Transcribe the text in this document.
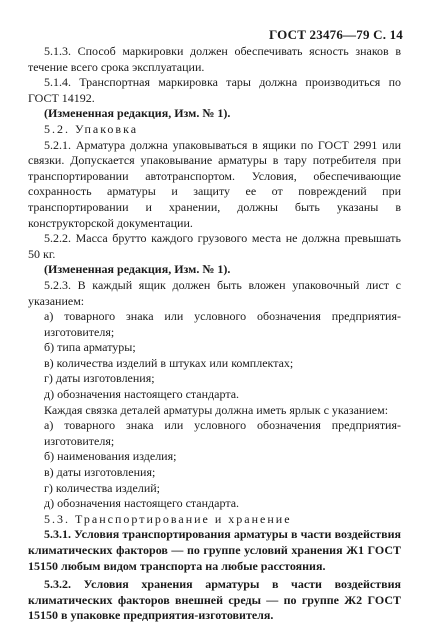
ГОСТ 23476—79 С. 14

5.1.3. Способ маркировки должен обеспечивать ясность знаков в течение всего срока эксплуатации.

5.1.4. Транспортная маркировка тары должна производиться по ГОСТ 14192.

(Измененная редакция, Изм. № 1).

5.2. Упаковка

5.2.1. Арматура должна упаковываться в ящики по ГОСТ 2991 или связки. Допускается упаковывание арматуры в тару потребителя при транспортировании автотранспортом. Условия, обеспечивающие сохранность арматуры и защиту ее от повреждений при транспортировании и хранении, должны быть указаны в конструкторской документации.

5.2.2. Масса брутто каждого грузового места не должна превышать 50 кг.

(Измененная редакция, Изм. № 1).

5.2.3. В каждый ящик должен быть вложен упаковочный лист с указанием:

а) товарного знака или условного обозначения предприятия-изготовителя;

б) типа арматуры;

в) количества изделий в штуках или комплектах;

г) даты изготовления;

д) обозначения настоящего стандарта.

Каждая связка деталей арматуры должна иметь ярлык с указанием:

а) товарного знака или условного обозначения предприятия-изготовителя;

б) наименования изделия;

в) даты изготовления;

г) количества изделий;

д) обозначения настоящего стандарта.

5.3. Транспортирование и хранение

5.3.1. Условия транспортирования арматуры в части воздействия климатических факторов — по группе условий хранения Ж1 ГОСТ 15150 любым видом транспорта на любые расстояния.

5.3.2. Условия хранения арматуры в части воздействия климатических факторов внешней среды — по группе Ж2 ГОСТ 15150 в упаковке предприятия-изготовителя.
